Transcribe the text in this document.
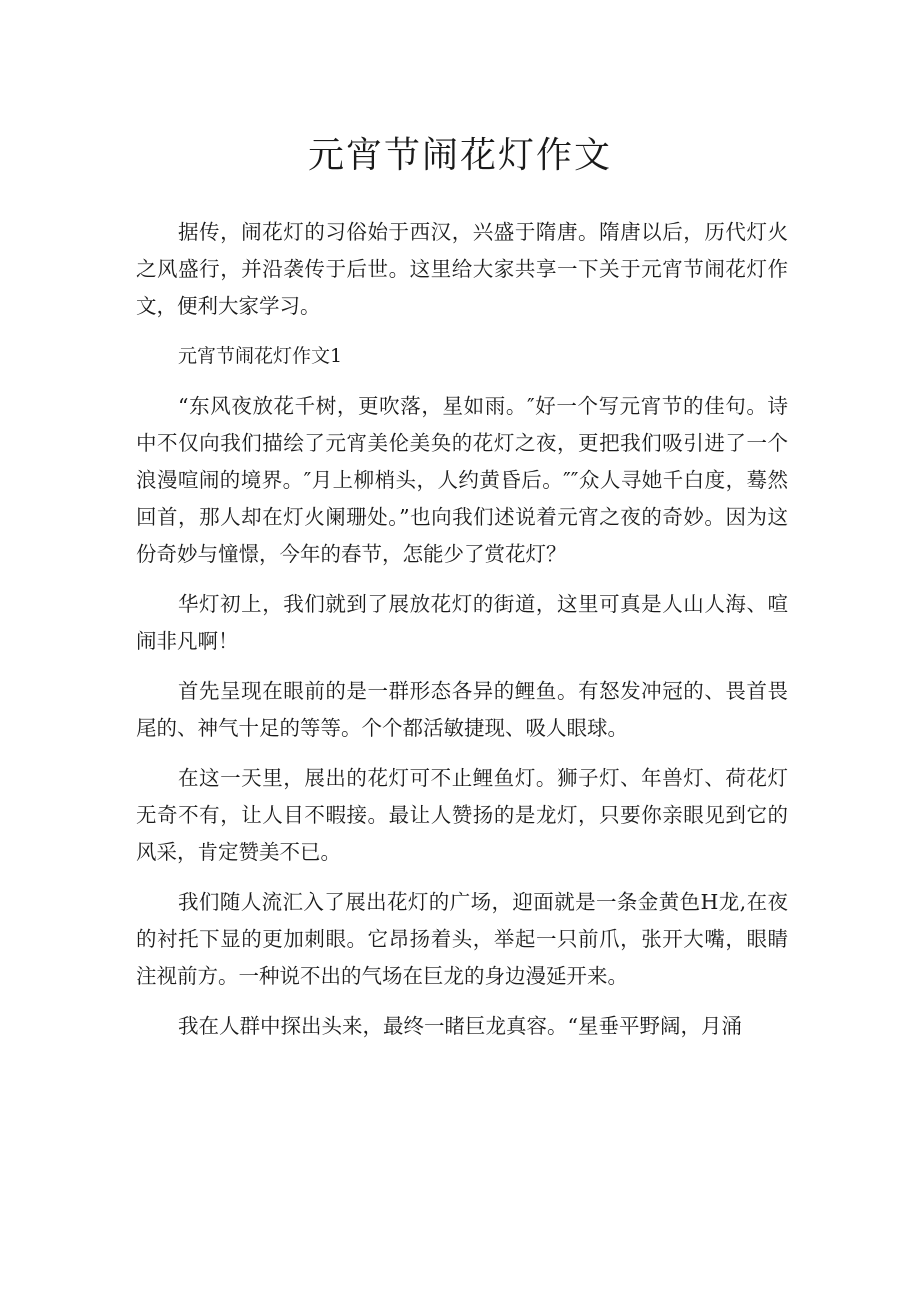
元宵节闹花灯作文

据传，闹花灯的习俗始于西汉，兴盛于隋唐。隋唐以后，历代灯火之风盛行，并沿袭传于后世。这里给大家共享一下关于元宵节闹花灯作文，便利大家学习。

元宵节闹花灯作文1

“东风夜放花千树，更吹落，星如雨。″好一个写元宵节的佳句。诗中不仅向我们描绘了元宵美伦美奂的花灯之夜，更把我们吸引进了一个浪漫喧闹的境界。″月上柳梢头，人约黄昏后。″″众人寻她千白度，蓦然回首，那人却在灯火阑珊处。”也向我们述说着元宵之夜的奇妙。因为这份奇妙与憧憬，今年的春节，怎能少了赏花灯？

华灯初上，我们就到了展放花灯的街道，这里可真是人山人海、喧闹非凡啊！

首先呈现在眼前的是一群形态各异的鲤鱼。有怒发冲冠的、畏首畏尾的、神气十足的等等。个个都活敏捷现、吸人眼球。

在这一天里，展出的花灯可不止鲤鱼灯。狮子灯、年兽灯、荷花灯无奇不有，让人目不暇接。最让人赞扬的是龙灯，只要你亲眼见到它的风采，肯定赞美不已。

我们随人流汇入了展出花灯的广场，迎面就是一条金黄色H龙,在夜的衬托下显的更加刺眼。它昂扬着头，举起一只前爪，张开大嘴，眼睛注视前方。一种说不出的气场在巨龙的身边漫延开来。

我在人群中探出头来，最终一睹巨龙真容。“星垂平野阔，月涌
